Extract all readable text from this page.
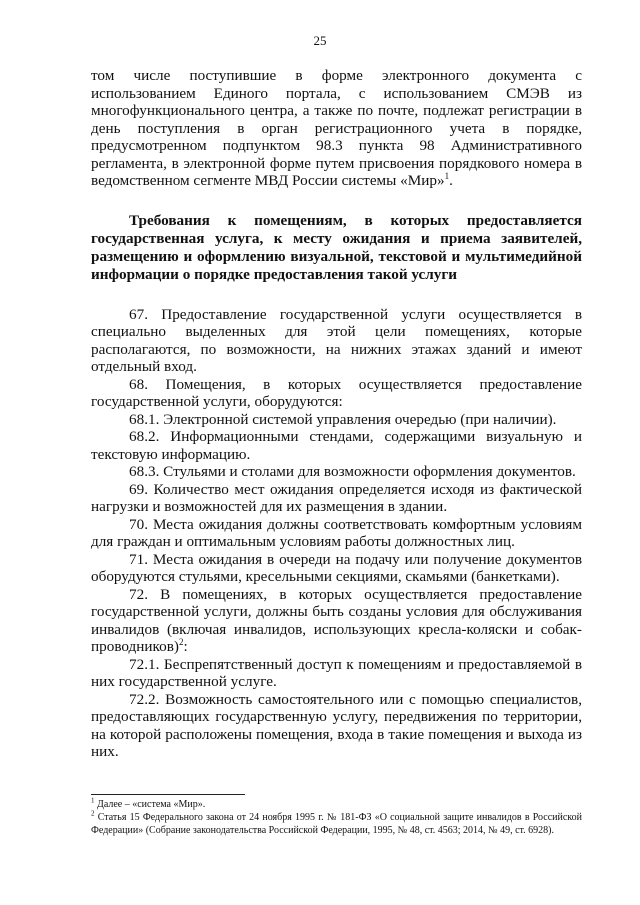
25

том числе поступившие в форме электронного документа с использованием Единого портала, с использованием СМЭВ из многофункционального центра, а также по почте, подлежат регистрации в день поступления в орган регистрационного учета в порядке, предусмотренном подпунктом 98.3 пункта 98 Административного регламента, в электронной форме путем присвоения порядкового номера в ведомственном сегменте МВД России системы «Мир»$^1$.

Требования к помещениям, в которых предоставляется государственная услуга, к месту ожидания и приема заявителей, размещению и оформлению визуальной, текстовой и мультимедийной информации о порядке предоставления такой услуги

67. Предоставление государственной услуги осуществляется в специально выделенных для этой цели помещениях, которые располагаются, по возможности, на нижних этажах зданий и имеют отдельный вход.

68. Помещения, в которых осуществляется предоставление государственной услуги, оборудуются:

68.1. Электронной системой управления очередью (при наличии).

68.2. Информационными стендами, содержащими визуальную и текстовую информацию.

68.3. Стульями и столами для возможности оформления документов.

69. Количество мест ожидания определяется исходя из фактической нагрузки и возможностей для их размещения в здании.

70. Места ожидания должны соответствовать комфортным условиям для граждан и оптимальным условиям работы должностных лиц.

71. Места ожидания в очереди на подачу или получение документов оборудуются стульями, кресельными секциями, скамьями (банкетками).

72. В помещениях, в которых осуществляется предоставление государственной услуги, должны быть созданы условия для обслуживания инвалидов (включая инвалидов, использующих кресла-коляски и собак-проводников)$^2$:

72.1. Беспрепятственный доступ к помещениям и предоставляемой в них государственной услуге.

72.2. Возможность самостоятельного или с помощью специалистов, предоставляющих государственную услугу, передвижения по территории, на которой расположены помещения, входа в такие помещения и выхода из них.

$^1$ Далее – «система «Мир».

$^2$ Статья 15 Федерального закона от 24 ноября 1995 г. № 181-ФЗ «О социальной защите инвалидов в Российской Федерации» (Собрание законодательства Российской Федерации, 1995, № 48, ст. 4563; 2014, № 49, ст. 6928).
